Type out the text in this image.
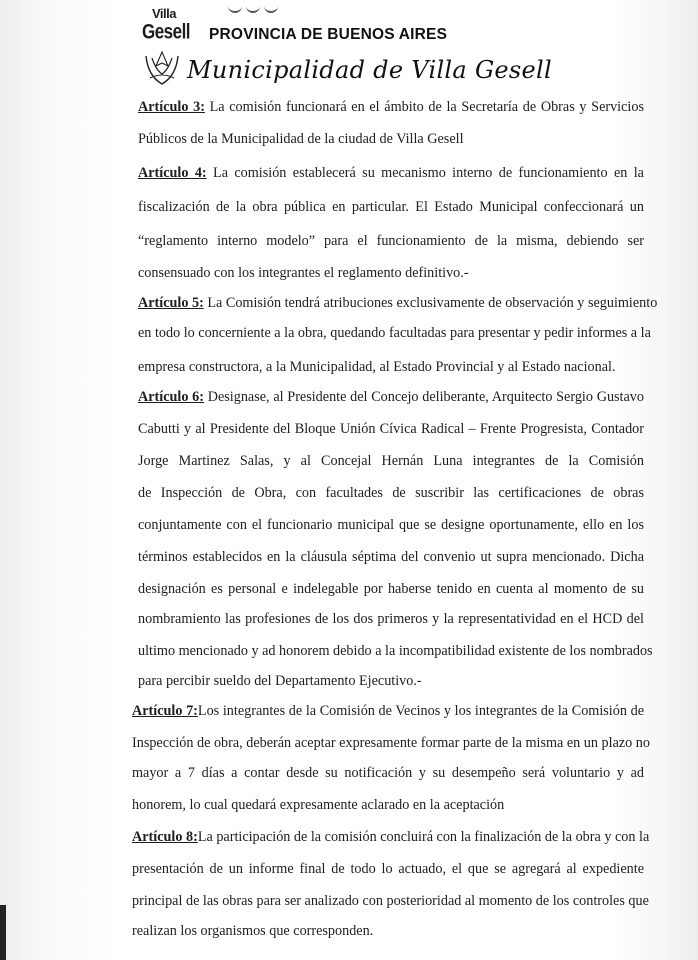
Villa
Gesell PROVINCIA DE BUENOS AIRES
Municipalidad de Villa Gesell
Artículo 3: La comisión funcionará en el ámbito de la Secretaría de Obras y Servicios
Públicos de la Municipalidad de la ciudad de Villa Gesell
Artículo 4: La comisión establecerá su mecanismo interno de funcionamiento en la
fiscalización de la obra pública en particular. El Estado Municipal confeccionará un
“reglamento interno modelo” para el funcionamiento de la misma, debiendo ser
consensuado con los integrantes el reglamento definitivo.-
Artículo 5: La Comisión tendrá atribuciones exclusivamente de observación y seguimiento
en todo lo concerniente a la obra, quedando facultadas para presentar y pedir informes a la
empresa constructora, a la Municipalidad, al Estado Provincial y al Estado nacional.
Artículo 6: Designase, al Presidente del Concejo deliberante, Arquitecto Sergio Gustavo
Cabutti y al Presidente del Bloque Unión Cívica Radical – Frente Progresista, Contador
Jorge Martinez Salas, y al Concejal Hernán Luna integrantes de la Comisión
de Inspección de Obra, con facultades de suscribir las certificaciones de obras
conjuntamente con el funcionario municipal que se designe oportunamente, ello en los
términos establecidos en la cláusula séptima del convenio ut supra mencionado. Dicha
designación es personal e indelegable por haberse tenido en cuenta al momento de su
nombramiento las profesiones de los dos primeros y la representatividad en el HCD del
ultimo mencionado y ad honorem debido a la incompatibilidad existente de los nombrados
para percibir sueldo del Departamento Ejecutivo.-
Artículo 7:Los integrantes de la Comisión de Vecinos y los integrantes de la Comisión de
Inspección de obra, deberán aceptar expresamente formar parte de la misma en un plazo no
mayor a 7 días a contar desde su notificación y su desempeño será voluntario y ad
honorem, lo cual quedará expresamente aclarado en la aceptación
Artículo 8:La participación de la comisión concluirá con la finalización de la obra y con la
presentación de un informe final de todo lo actuado, el que se agregará al expediente
principal de las obras para ser analizado con posterioridad al momento de los controles que
realizan los organismos que corresponden.
